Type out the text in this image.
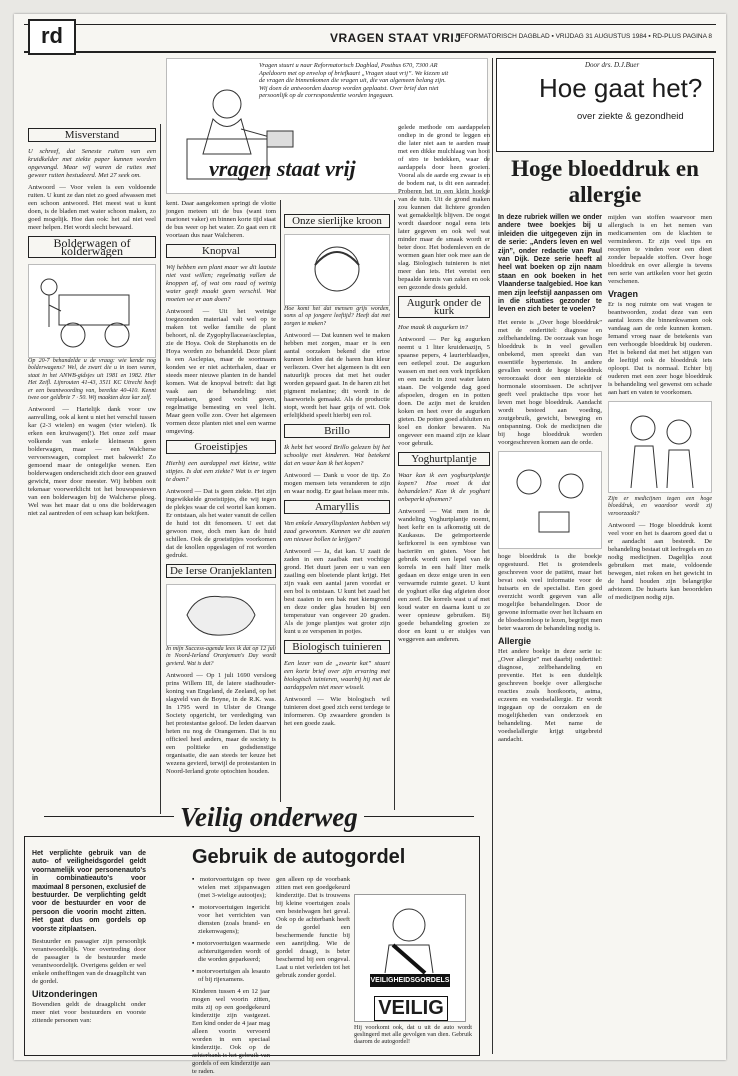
rd	VRAGEN STAAT VRIJ
REFORMATORISCH DAGBLAD ▪ VRIJDAG 31 AUGUSTUS 1984 ▪ RD-PLUS PAGINA 8
Vragen stuurt u naar Reformatorisch Dagblad, Postbus 670, 7300 AR Apeldoorn met op envelop of briefkaart „Vragen staat vrij”. We kiezen uit de vragen die binnenkomen die vragen uit, die van algemeen belang zijn. Wij doen de antwoorden daarop worden geplaatst. Over brief dan niet persoonlijk op de correspondentie worden ingegaan.
vragen staat vrij
Misverstand

U schreef, dat Seneste ruiten van een kruidkelder met ziekte paper kunnen worden opgevangd. Maar wij waren de ruites met geweer ruiten bestudeerd. Met 27 seek om.

Antwoord — Voor velen is een voldoende ruiten. U kunt ze dan niet zo goed afwassen met een schoon antwoord. Het meest wat u kunt doen, is de bladen met water schoon maken, zo goed mogelijk. Hoe dan ook: het zal niet veel meer helpen. Het wordt slecht bewaard.

Bolderwagen of kolderwagen

Op 20-7 behandelde u de vraag: wie kende nog bolderwagens? Wel, de zwart die u in toen waren, staat in het ANWB-gidsjes uit 1981 en 1982. Hier Het Zeifl. Lijnrouten 41-43, 3511 KC Utrecht heeft er een beantwoording van, bereikte 40-410. Kennt twee oor geldbrie 7 · 50. Wij maakten deze kar zelf.

Antwoord — Hartelijk dank voor uw aanvulling, ook al kent u niet het verschil tussen kar (2-3 wielen) en wagen (vier wielen). Ik erken een kruiwagen(!). Het onze zelf maar volkende van enkele kleinseun geen bolderwagen, maar — een Walcherse vervoerswagen, compleet met bakwerk! Zo gemoend maar de ontegelijke wenen. Een bolderwagen onderscheidt zich door een grauwd gewicht, meer door meester. Wij hebben ooit tekenaar voorwerklicht tot het bouwspesieven van een bolderwagen bij de Walcherse ploeg. Wel was het maar dat u ons die bolderwagen niet zal aantreden of een schaap kan bekijken.

kent. Daar aangekomen springt de vlotte jongen meteen uit de bus (want tom marionet vaker) en binnen korte tijd staat de bus weer op het water. Zo gaat een rit voortaan dus naar Walcheren.

Knopval

Wij hebben een plant maar we dit laatste niet vast willen; regelmatig vallen de knoppen af, of wat ons raad of weinig water geeft maakt geen verschil. Wat moeten we er aan doen?

Antwoord — Uit het weinige toegezonden materiaal valt wel op te maken tot welke familie de plant behoort, nl. de Zygophyllaceae/asclepias, zie de Hoya. Ook de Stephanotis en de Hoya worden zo behandeld. Deze plant is een Asclepias, maar de soortnaam konden we er niet achterhalen, daar er steeds meer nieuwe planten in de handel komen. Wat de knopval betreft: dat ligt vaak aan de behandeling: niet verplaatsen, goed vocht geven, regelmatige bemesting en veel licht. Maar geen volle zon. Over het algemeen vormen deze planten niet snel een warme omgeving.

Groeistipjes

Hierbij een aardappel met kleine, witte stipjes. Is dat een ziekte? Wat is er tegen te doen?

Antwoord — Dat is geen ziekte. Het zijn ingewikkelde groeistipjes, die wij tegen de plekjes waar de cel wortel kan komen. Er ontstaan, als het water vanuit de cellen de huid tot dit fenomeen. U eet dat gewoon mee, doch men kan de huid schillen. Ook de groeistipjes voorkomen dat de knollen opgeslagen of rot worden gedrukt.

De Ierse Oranjeklanten

In mijn Success-agenda lees ik dat op 12 juli in Noord-Ierland Oranjeman's Day wordt gevierd. Wat is dat?

Antwoord — Op 1 juli 1690 versloeg prins Willem III, de latere stadhouder-koning van Engeland, de Zeeland, op het slagveld van de Boyne, in de R.K. was. In 1795 werd in Ulster de Orange Society opgericht, ter verdediging van het protestantse geloof. De leden daarvan heten nu nog de Orangemen. Dat is nu officieel heel anders, maar de society is een politieke en godsdienstige organisatie, die aan steeds ter keuze het wezens gevierd, terwijl de protestanten in Noord-Ierland grote optochten houden.

Onze sierlijke kroon

Hoe komt het dat mensen grijs worden, soms al op jongere leeftijd? Heeft dat met zorgen te maken?

Antwoord — Dat kunnen wel te maken hebben met zorgen, maar er is een aantal oorzaken bekend die ertoe kunnen leiden dat de haren hun kleur verliezen. Over het algemeen is dit een natuurlijk proces dat met het ouder worden gepaard gaat. In de haren zit het pigment melanine; dit wordt in de haarwortels gemaakt. Als de productie stopt, wordt het haar grijs of wit. Ook erfelijkheid speelt hierbij een rol.

Brillo

Ik hebt het woord Brillo gelezen bij het schooltje met kinderen. Wat betekent dat en waar kan ik het kopen?

Antwoord — Dank u voor de tip. Zo mogen mensen iets veranderen te zijn en waar nodig. Er gaat helaas meer mis.

Amaryllis

Van enkele Amaryllisplanten hebben wij zaad gewonnen. Kunnen we dit zaaien om nieuwe bollen te krijgen?

Antwoord — Ja, dat kan. U zaait de zaden in een zaaibak met vochtige grond. Het duurt jaren eer u van een zaailing een bloeiende plant krijgt. Het zijn vaak een aantal jaren voordat er een bol is ontstaan. U kunt het zaad het best zaaien in een bak met kiemgrond en deze onder glas houden bij een temperatuur van ongeveer 20 graden. Als de jonge plantjes wat groter zijn kunt u ze verspenen in potjes.

Biologisch tuinieren

Een lezer van de „zwarte kat” stuurt een korte brief over zijn ervaring met biologisch tuinieren, waarbij hij met de aardappelen niet meer wisselt.

Antwoord — Wie biologisch wil tuinieren doet goed zich eerst terdege te informeren. Op zwaardere gronden is het een goede zaak.

gelede methode om aardappelen ondiep in de grond te leggen en die later niet aan te aarden maar met een dikke mulchlaag van hooi of stro te bedekken, waar de aardappels door heen groeien. Vooral als de aarde erg zwaar is en de bodem nat, is dit een aanrader. Proberen het in een klein hoekje van de tuin. Uit de grond maken zou kunnen dat lichtere gronden wat gemakkelijk blijven. De oogst wordt daardoor nogal eens iets later gegeven en ook wel wat minder maar de smaak wordt er beter door. Het bodemleven en de wormen gaan hier ook mee aan de slag. Biologisch tuinieren is niet meer dan iets. Het vereist een bepaalde kennis van zaken en ook een gezonde dosis geduld.

Augurk onder de kurk

Hoe maak ik augurken in?

Antwoord — Per kg augurken neemt u 1 liter kruidenazijn, 5 spaanse pepers, 4 laurierblaadjes, een eetlepel zout. De augurken wassen en met een vork inprikken en een nacht in zout water laten staan. De volgende dag goed afspoelen, drogen en in potten doen. De azijn met de kruiden koken en heet over de augurken gieten. De potten goed afsluiten en koel en donker bewaren. Na ongeveer een maand zijn ze klaar voor gebruik.

Yoghurtplantje

Waar kan ik een yoghurtplantje kopen? Hoe moet ik dat behandelen? Kan ik de yoghurt onbeperkt afnemen?

Antwoord — Wat men in de wandeling Yoghurtplantje noemt, heet kefir en is afkomstig uit de Kaukasus. De geïmporteerde kefirkorrel is een symbiose van bacteriën en gisten. Voor het gebruik wordt een lepel van de korrels in een half liter melk gedaan en deze enige uren in een verwarmde ruimte gezet. U kunt de yoghurt elke dag afgieten door een zeef. De korrels wast u af met koud water en daarna kunt u ze weer opnieuw gebruiken. Bij goede behandeling groeien ze door en kunt u er stukjes van weggeven aan anderen.

Door drs. D.J.Buer
Hoe gaat het?
over ziekte & gezondheid
Hoge bloeddruk en allergie

In deze rubriek willen we onder andere twee boekjes bij u inleiden die uitgegeven zijn in de serie: „Anders leven en wel zijn”, onder redactie van Paul van Dijk. Deze serie heeft al heel wat boeken op zijn naam staan en ook boeken in het Vlaanderse taalgebied. Hoe kan men zijn leefstijl aanpassen om in die situaties gezonder te leven en zich beter te voelen?

Het eerste is „Over hoge bloeddruk” met de ondertitel: diagnose en zelfbehandeling. De oorzaak van hoge bloeddruk is in veel gevallen onbekend, men spreekt dan van essentiële hypertensie. In andere gevallen wordt de hoge bloeddruk veroorzaakt door een nierziekte of hormonale stoornissen. De schrijver geeft veel praktische tips voor het leven met hoge bloeddruk. Aandacht wordt besteed aan voeding, zoutgebruik, gewicht, beweging en ontspanning. Ook de medicijnen die bij hoge bloeddruk worden voorgeschreven komen aan de orde.

hoge bloeddruk is die boekje opgestuurd. Het is grotendeels geschreven voor de patiënt, maar het bevat ook veel informatie voor de huisarts en de specialist. Een goed overzicht wordt gegeven van alle mogelijke behandelingen. Door de gewone informatie over het lichaam en de bloedsomloop te lezen, begrijpt men beter waarom de behandeling nodig is.

Allergie

Het andere boekje in deze serie is: „Over allergie” met daarbij ondertitel: diagnose, zelfbehandeling en preventie. Het is een duidelijk geschreven boekje over allergische reacties zoals hooikoorts, astma, eczeem en voedselallergie. Er wordt ingegaan op de oorzaken en de mogelijkheden van onderzoek en behandeling. Met name de voedselallergie krijgt uitgebreid aandacht.

mijden van stoffen waarvoor men allergisch is en het nemen van medicamenten om de klachten te verminderen. Er zijn veel tips en recepten te vinden voor een dieet zonder bepaalde stoffen. Over hoge bloeddruk en over allergie is tevens een serie van artikelen voor het gezin verschenen.

Vragen

Er is nog ruimte om wat vragen te beantwoorden, zodat deze van een aantal lezers die binnenkwamen ook vandaag aan de orde kunnen komen. Iemand vroeg naar de betekenis van een verhoogde bloeddruk bij ouderen. Het is bekend dat met het stijgen van de leeftijd ook de bloeddruk iets oploopt. Dat is normaal. Echter bij ouderen met een zeer hoge bloeddruk is behandeling wel gewenst om schade aan hart en vaten te voorkomen.

Zijn er medicijnen tegen een hoge bloeddruk, en waardoor wordt zij veroorzaakt?

Antwoord — Hoge bloeddruk komt veel voor en het is daarom goed dat u er aandacht aan besteedt. De behandeling bestaat uit leefregels en zo nodig medicijnen. Dagelijks zout gebruiken met mate, voldoende bewegen, niet roken en het gewicht in de hand houden zijn belangrijke adviezen. De huisarts kan beoordelen of medicijnen nodig zijn.

Veilig onderweg
Gebruik de autogordel

Het verplichte gebruik van de auto- of veiligheidsgordel geldt voornamelijk voor personenauto's in combinatieauto's voor maximaal 8 personen, exclusief de bestuurder. De verplichting geldt voor de bestuurder en voor de persoon die voorin mocht zitten. Het gaat dus om gordels op voorste zitplaatsen.

Bestuurder en passagier zijn persoonlijk verantwoordelijk. Voor overtreding door de passagier is de bestuurder mede verantwoordelijk. Overigens gelden er wel enkele ontheffingen van de draagplicht van de gordel.

Uitzonderingen

Bovendien geldt de draagplicht onder meer niet voor bestuurders en voorste zittende personen van:

▪ motorvoertuigen op twee wielen met zijspanwagen (met 3-wielige autootjes);

▪ motorvoertuigen ingericht voor het verrichten van diensten (zoals brand- en ziekenwagens);

▪ motorvoertuigen waarmede achteruitgereden wordt of die worden geparkeerd;

▪ motorvoertuigen als lesauto of bij rijexamens.

Kinderen tussen 4 en 12 jaar mogen wel voorin zitten, mits zij op een goedgekeurd kinderzitje zijn vastgezet. Een kind onder de 4 jaar mag alleen voorin vervoerd worden in een speciaal kinderzitje. Ook op de achterbank is het gebruik van gordels of een kinderzitje aan te raden.

gen alleen op de voorbank zitten met een goedgekeurd kinderzitje. Dat is trouwens bij kleine voertuigen zoals een bestelwagen het geval. Ook op de achterbank heeft de gordel een beschermende functie bij een aanrijding. Wie de gordel draagt, is beter beschermd bij een ongeval. Laat u niet verleiden tot het gebruik zonder gordel.

VEILIGHEIDSGORDELS
VEILIG
Hij voorkomt ook, dat u uit de auto wordt geslingerd met alle gevolgen van dien. Gebruik daarom de autogordel!
